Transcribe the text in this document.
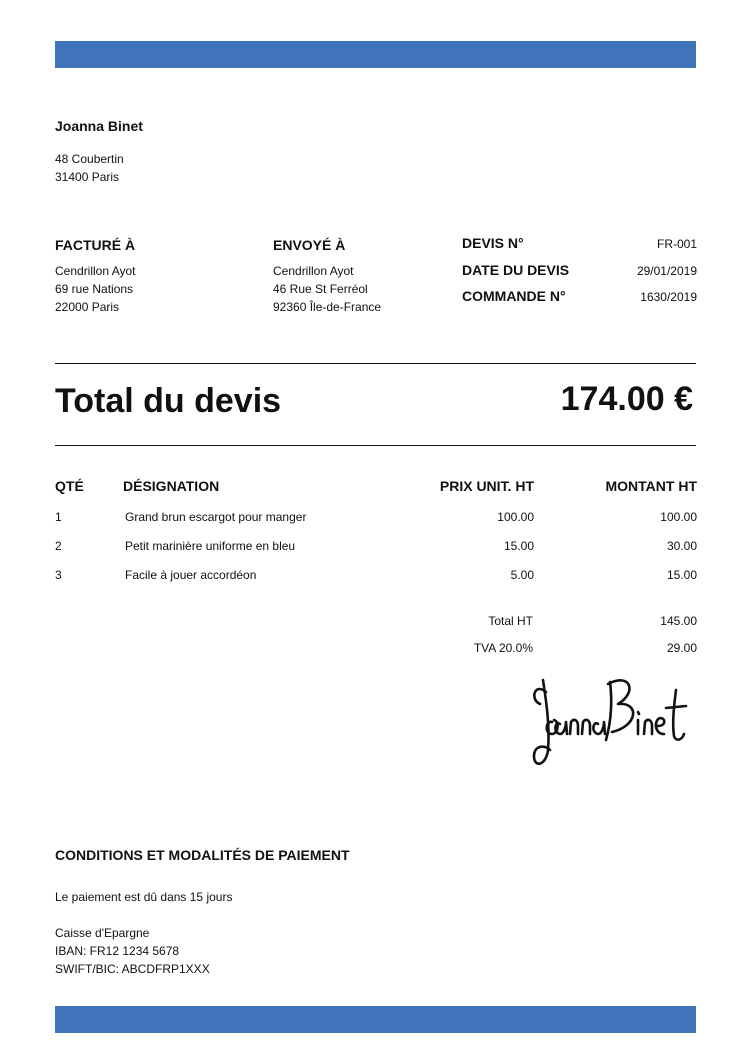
Joanna Binet
48 Coubertin
31400 Paris
FACTURÉ À
Cendrillon Ayot
69 rue Nations
22000 Paris
ENVOYÉ À
Cendrillon Ayot
46 Rue St Ferréol
92360 Île-de-France
DEVIS N°	FR-001
DATE DU DEVIS	29/01/2019
COMMANDE N°	1630/2019
Total du devis	174.00 €
QTÉ	DÉSIGNATION	PRIX UNIT. HT	MONTANT HT
1	Grand brun escargot pour manger	100.00	100.00
2	Petit marinière uniforme en bleu	15.00	30.00
3	Facile à jouer accordéon	5.00	15.00
Total HT	145.00
TVA 20.0%	29.00
CONDITIONS ET MODALITÉS DE PAIEMENT
Le paiement est dû dans 15 jours
Caisse d'Epargne
IBAN: FR12 1234 5678
SWIFT/BIC: ABCDFRP1XXX
